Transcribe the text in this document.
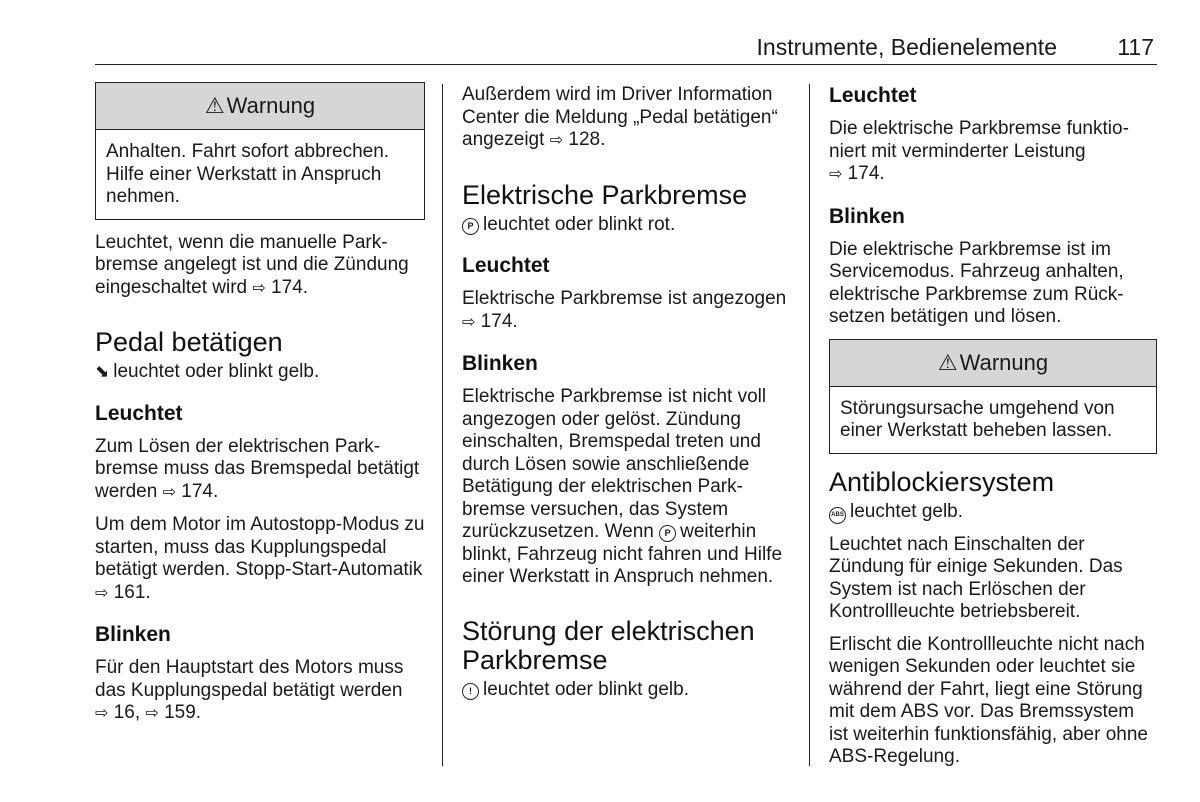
Instrumente, Bedienelemente	117
⚠ Warnung
Anhalten. Fahrt sofort abbrechen. Hilfe einer Werkstatt in Anspruch nehmen.

Leuchtet, wenn die manuelle Parkbremse angelegt ist und die Zündung eingeschaltet wird ⇨ 174.

Pedal betätigen

⬊ leuchtet oder blinkt gelb.

Leuchtet

Zum Lösen der elektrischen Parkbremse muss das Bremspedal betätigt werden ⇨ 174.

Um dem Motor im Autostopp-Modus zu starten, muss das Kupplungspedal betätigt werden. Stopp-Start-Automatik ⇨ 161.

Blinken

Für den Hauptstart des Motors muss das Kupplungspedal betätigt werden
⇨ 16, ⇨ 159.

Außerdem wird im Driver Information Center die Meldung „Pedal betätigen“ angezeigt ⇨ 128.

Elektrische Parkbremse

P leuchtet oder blinkt rot.

Leuchtet

Elektrische Parkbremse ist angezogen ⇨ 174.

Blinken

Elektrische Parkbremse ist nicht voll angezogen oder gelöst. Zündung einschalten, Bremspedal treten und durch Lösen sowie anschließende Betätigung der elektrischen Parkbremse versuchen, das System zurückzusetzen. Wenn P weiterhin blinkt, Fahrzeug nicht fahren und Hilfe einer Werkstatt in Anspruch nehmen.

Störung der elektrischen Parkbremse

! leuchtet oder blinkt gelb.

Leuchtet

Die elektrische Parkbremse funktioniert mit verminderter Leistung
⇨ 174.

Blinken

Die elektrische Parkbremse ist im Servicemodus. Fahrzeug anhalten, elektrische Parkbremse zum Rücksetzen betätigen und lösen.

⚠ Warnung
Störungsursache umgehend von einer Werkstatt beheben lassen.
Antiblockiersystem

ABS leuchtet gelb.

Leuchtet nach Einschalten der Zündung für einige Sekunden. Das System ist nach Erlöschen der Kontrollleuchte betriebsbereit.

Erlischt die Kontrollleuchte nicht nach wenigen Sekunden oder leuchtet sie während der Fahrt, liegt eine Störung mit dem ABS vor. Das Bremssystem ist weiterhin funktionsfähig, aber ohne ABS-Regelung.
